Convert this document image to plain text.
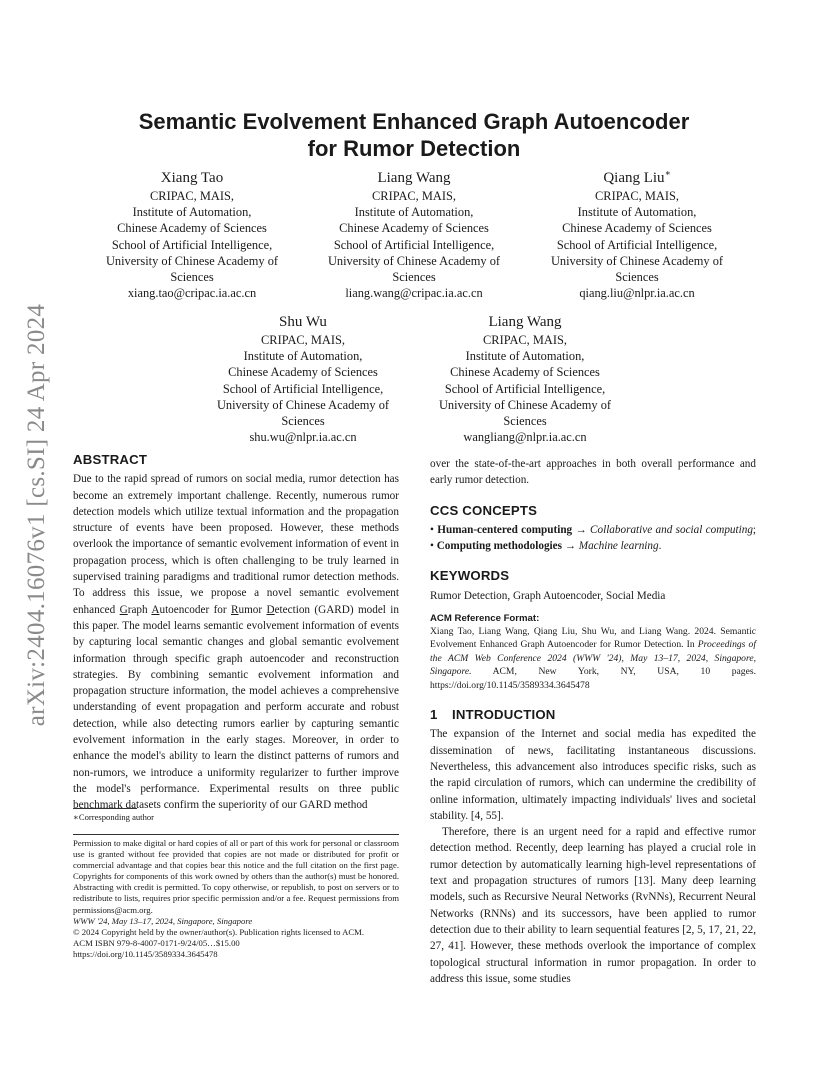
arXiv:2404.16076v1 [cs.SI] 24 Apr 2024
Semantic Evolvement Enhanced Graph Autoencoder
for Rumor Detection
Xiang Tao
CRIPAC, MAIS,
Institute of Automation,
Chinese Academy of Sciences
School of Artificial Intelligence,
University of Chinese Academy of Sciences
xiang.tao@cripac.ia.ac.cn
Liang Wang
CRIPAC, MAIS,
Institute of Automation,
Chinese Academy of Sciences
School of Artificial Intelligence,
University of Chinese Academy of Sciences
liang.wang@cripac.ia.ac.cn
Qiang Liu∗
CRIPAC, MAIS,
Institute of Automation,
Chinese Academy of Sciences
School of Artificial Intelligence,
University of Chinese Academy of Sciences
qiang.liu@nlpr.ia.ac.cn
Shu Wu
CRIPAC, MAIS,
Institute of Automation,
Chinese Academy of Sciences
School of Artificial Intelligence,
University of Chinese Academy of Sciences
shu.wu@nlpr.ia.ac.cn
Liang Wang
CRIPAC, MAIS,
Institute of Automation,
Chinese Academy of Sciences
School of Artificial Intelligence,
University of Chinese Academy of Sciences
wangliang@nlpr.ia.ac.cn
ABSTRACT

Due to the rapid spread of rumors on social media, rumor detection has become an extremely important challenge. Recently, numerous rumor detection models which utilize textual information and the propagation structure of events have been proposed. However, these methods overlook the importance of semantic evolvement information of event in propagation process, which is often challenging to be truly learned in supervised training paradigms and traditional rumor detection methods. To address this issue, we propose a novel semantic evolvement enhanced Graph Autoencoder for Rumor Detection (GARD) model in this paper. The model learns semantic evolvement information of events by capturing local semantic changes and global semantic evolvement information through specific graph autoencoder and reconstruction strategies. By combining semantic evolvement information and propagation structure information, the model achieves a comprehensive understanding of event propagation and perform accurate and robust detection, while also detecting rumors earlier by capturing semantic evolvement information in the early stages. Moreover, in order to enhance the model's ability to learn the distinct patterns of rumors and non-rumors, we introduce a uniformity regularizer to further improve the model's performance. Experimental results on three public benchmark datasets confirm the superiority of our GARD method

∗Corresponding author
Permission to make digital or hard copies of all or part of this work for personal or classroom use is granted without fee provided that copies are not made or distributed for profit or commercial advantage and that copies bear this notice and the full citation on the first page. Copyrights for components of this work owned by others than the author(s) must be honored. Abstracting with credit is permitted. To copy otherwise, or republish, to post on servers or to redistribute to lists, requires prior specific permission and/or a fee. Request permissions from permissions@acm.org.
WWW '24, May 13–17, 2024, Singapore, Singapore
© 2024 Copyright held by the owner/author(s). Publication rights licensed to ACM.
ACM ISBN 979-8-4007-0171-9/24/05…$15.00
https://doi.org/10.1145/3589334.3645478

over the state-of-the-art approaches in both overall performance and early rumor detection.

CCS CONCEPTS

• Human-centered computing → Collaborative and social computing; • Computing methodologies → Machine learning.

KEYWORDS

Rumor Detection, Graph Autoencoder, Social Media

ACM Reference Format:

Xiang Tao, Liang Wang, Qiang Liu, Shu Wu, and Liang Wang. 2024. Semantic Evolvement Enhanced Graph Autoencoder for Rumor Detection. In Proceedings of the ACM Web Conference 2024 (WWW '24), May 13–17, 2024, Singapore, Singapore. ACM, New York, NY, USA, 10 pages. https://doi.org/10.1145/3589334.3645478

1 INTRODUCTION

The expansion of the Internet and social media has expedited the dissemination of news, facilitating instantaneous discussions. Nevertheless, this advancement also introduces specific risks, such as the rapid circulation of rumors, which can undermine the credibility of online information, ultimately impacting individuals' lives and societal stability. [4, 55].

Therefore, there is an urgent need for a rapid and effective rumor detection method. Recently, deep learning has played a crucial role in rumor detection by automatically learning high-level representations of text and propagation structures of rumors [13]. Many deep learning models, such as Recursive Neural Networks (RvNNs), Recurrent Neural Networks (RNNs) and its successors, have been applied to rumor detection due to their ability to learn sequential features [2, 5, 17, 21, 22, 27, 41]. However, these methods overlook the importance of complex topological structural information in rumor propagation. In order to address this issue, some studies
